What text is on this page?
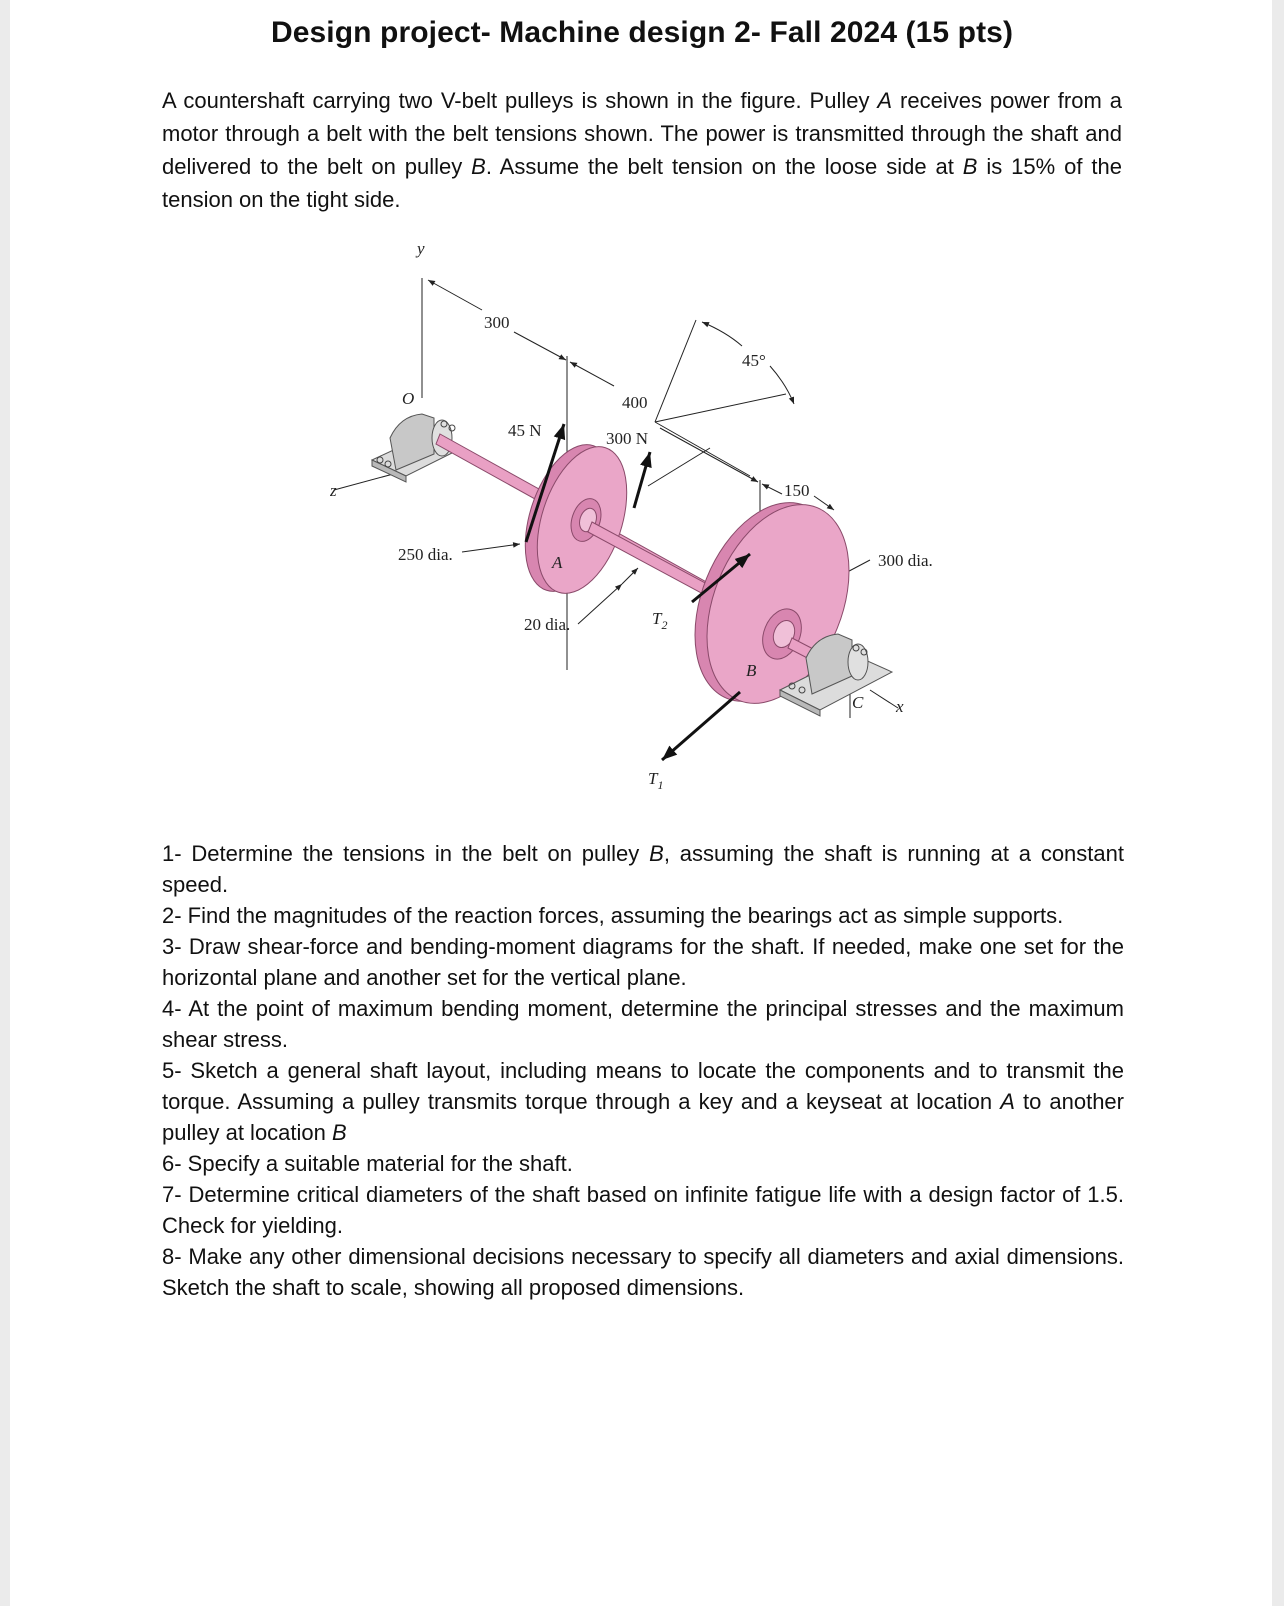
Design project- Machine design 2- Fall 2024 (15 pts)

A countershaft carrying two V-belt pulleys is shown in the figure. Pulley A receives power from a motor through a belt with the belt tensions shown. The power is transmitted through the shaft and delivered to the belt on pulley B. Assume the belt tension on the loose side at B is 15% of the tension on the tight side.

y
z
x
O
300
400
150
45°
45 N	300 N
250 dia.
20 dia.
300 dia.
A
B
C
$T_2$
$T_1$
1- Determine the tensions in the belt on pulley B, assuming the shaft is running at a constant speed.
2- Find the magnitudes of the reaction forces, assuming the bearings act as simple supports.
3- Draw shear-force and bending-moment diagrams for the shaft. If needed, make one set for the horizontal plane and another set for the vertical plane.
4- At the point of maximum bending moment, determine the principal stresses and the maximum shear stress.
5- Sketch a general shaft layout, including means to locate the components and to transmit the torque. Assuming a pulley transmits torque through a key and a keyseat at location A to another pulley at location B
6- Specify a suitable material for the shaft.
7- Determine critical diameters of the shaft based on infinite fatigue life with a design factor of 1.5. Check for yielding.
8- Make any other dimensional decisions necessary to specify all diameters and axial dimensions. Sketch the shaft to scale, showing all proposed dimensions.
